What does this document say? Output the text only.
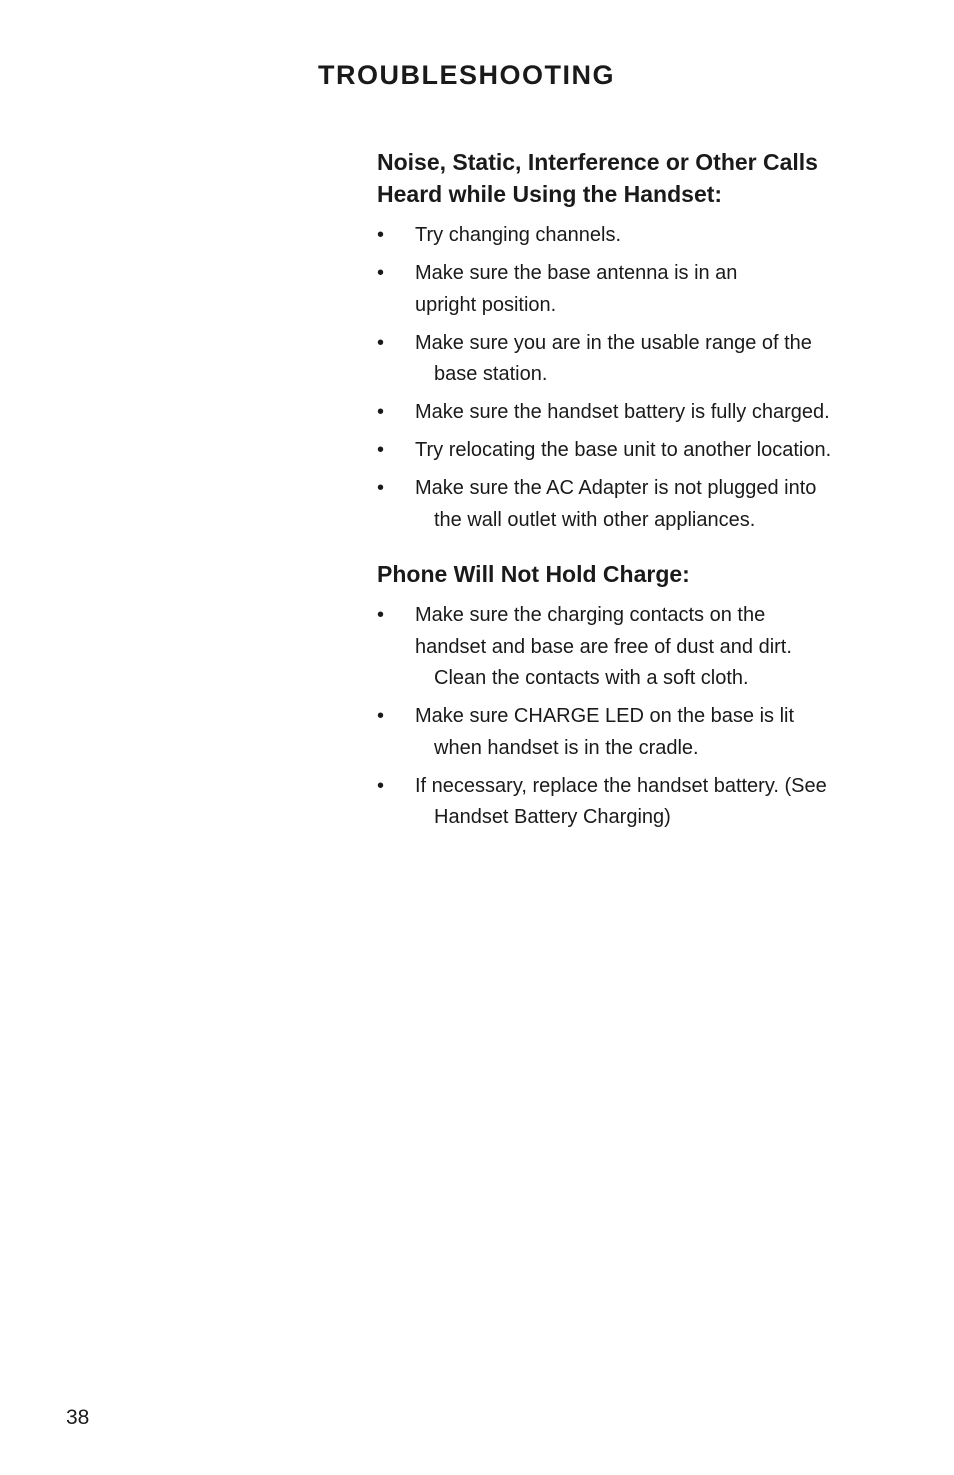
TROUBLESHOOTING
Noise, Static, Interference or Other Calls
Heard while Using the Handset:
• Try changing channels.
• Make sure the base antenna is in an
upright position.
• Make sure you are in the usable range of the
base station.
• Make sure the handset battery is fully charged.
• Try relocating the base unit to another location.
• Make sure the AC Adapter is not plugged into
the wall outlet with other appliances.
Phone Will Not Hold Charge:
• Make sure the charging contacts on the
handset and base are free of dust and dirt.
Clean the contacts with a soft cloth.
• Make sure CHARGE LED on the base is lit
when handset is in the cradle.
• If necessary, replace the handset battery. (See
Handset Battery Charging)

38
